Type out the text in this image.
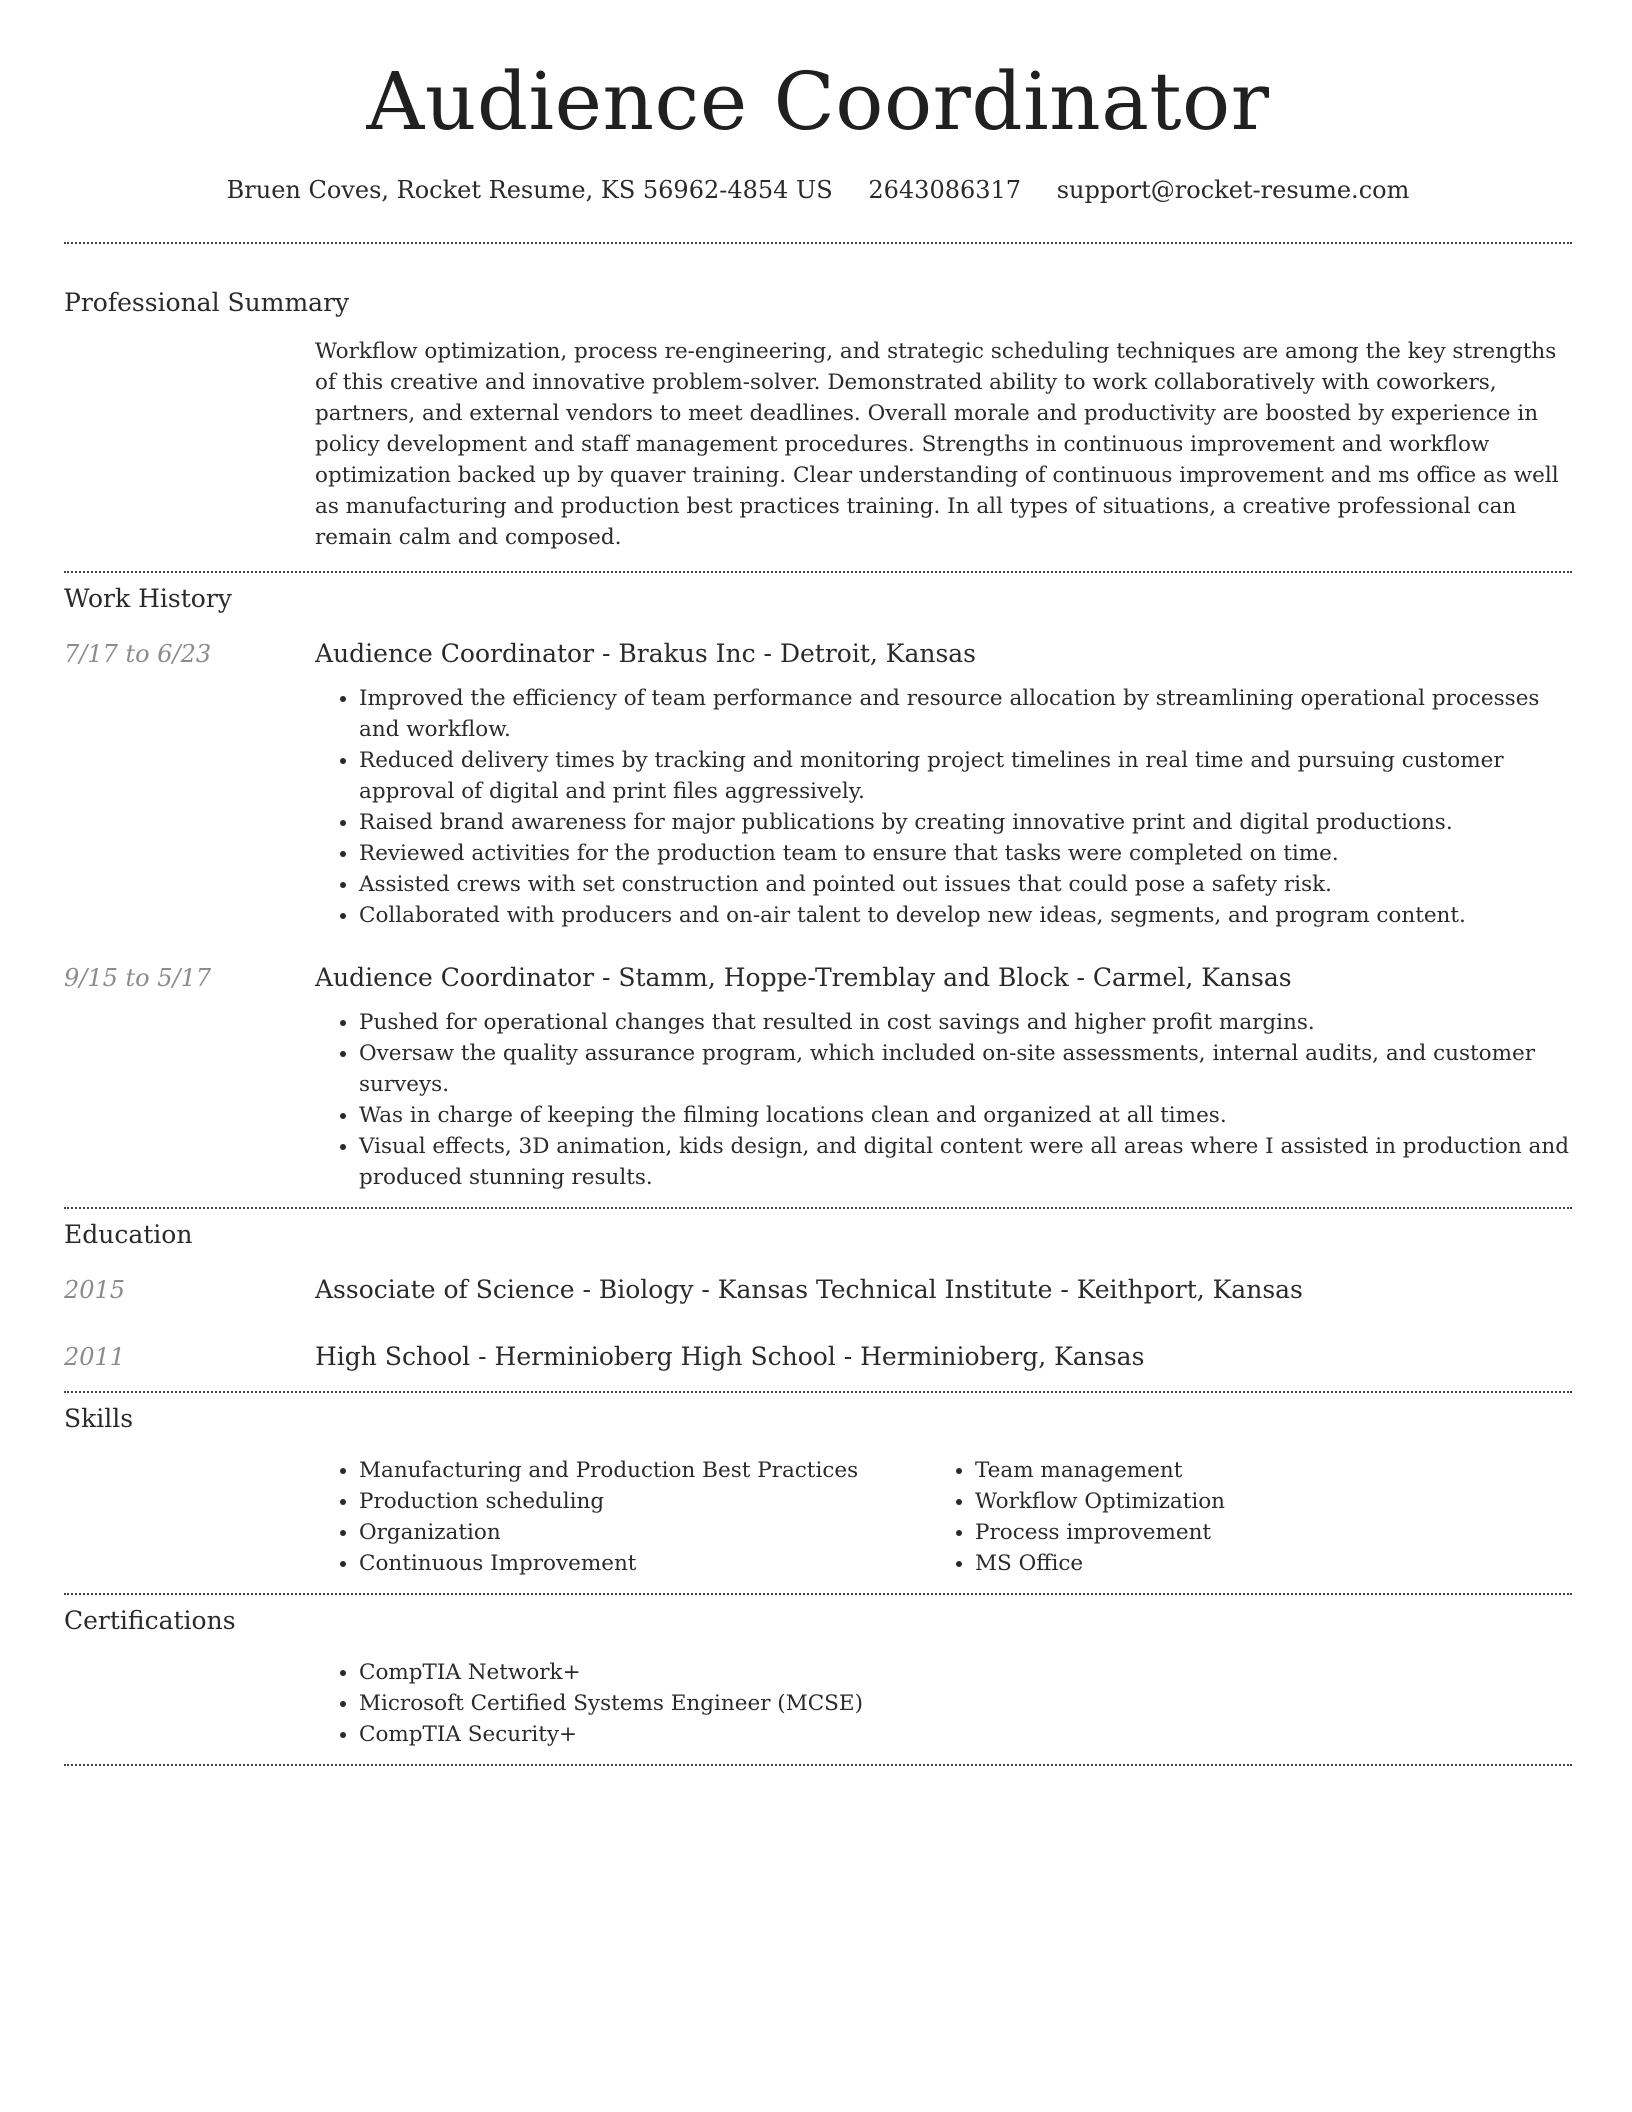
Audience Coordinator
Bruen Coves, Rocket Resume, KS 56962-4854 US 2643086317 support@rocket-resume.com
Professional Summary
Workflow optimization, process re-engineering, and strategic scheduling techniques are among the key strengths of this creative and innovative problem-solver. Demonstrated ability to work collaboratively with coworkers, partners, and external vendors to meet deadlines. Overall morale and productivity are boosted by experience in policy development and staff management procedures. Strengths in continuous improvement and workflow optimization backed up by quaver training. Clear understanding of continuous improvement and ms office as well as manufacturing and production best practices training. In all types of situations, a creative professional can remain calm and composed.
Work History
7/17 to 6/23	Audience Coordinator - Brakus Inc - Detroit, Kansas
• Improved the efficiency of team performance and resource allocation by streamlining operational processes and workflow.
• Reduced delivery times by tracking and monitoring project timelines in real time and pursuing customer approval of digital and print files aggressively.
• Raised brand awareness for major publications by creating innovative print and digital productions.
• Reviewed activities for the production team to ensure that tasks were completed on time.
• Assisted crews with set construction and pointed out issues that could pose a safety risk.
• Collaborated with producers and on-air talent to develop new ideas, segments, and program content.
9/15 to 5/17	Audience Coordinator - Stamm, Hoppe-Tremblay and Block - Carmel, Kansas
• Pushed for operational changes that resulted in cost savings and higher profit margins.
• Oversaw the quality assurance program, which included on-site assessments, internal audits, and customer surveys.
• Was in charge of keeping the filming locations clean and organized at all times.
• Visual effects, 3D animation, kids design, and digital content were all areas where I assisted in production and produced stunning results.
Education
2015	Associate of Science - Biology - Kansas Technical Institute - Keithport, Kansas
2011	High School - Herminioberg High School - Herminioberg, Kansas
Skills
• Manufacturing and Production Best Practices
• Production scheduling
• Organization
• Continuous Improvement
• Team management
• Workflow Optimization
• Process improvement
• MS Office
Certifications
• CompTIA Network+
• Microsoft Certified Systems Engineer (MCSE)
• CompTIA Security+
